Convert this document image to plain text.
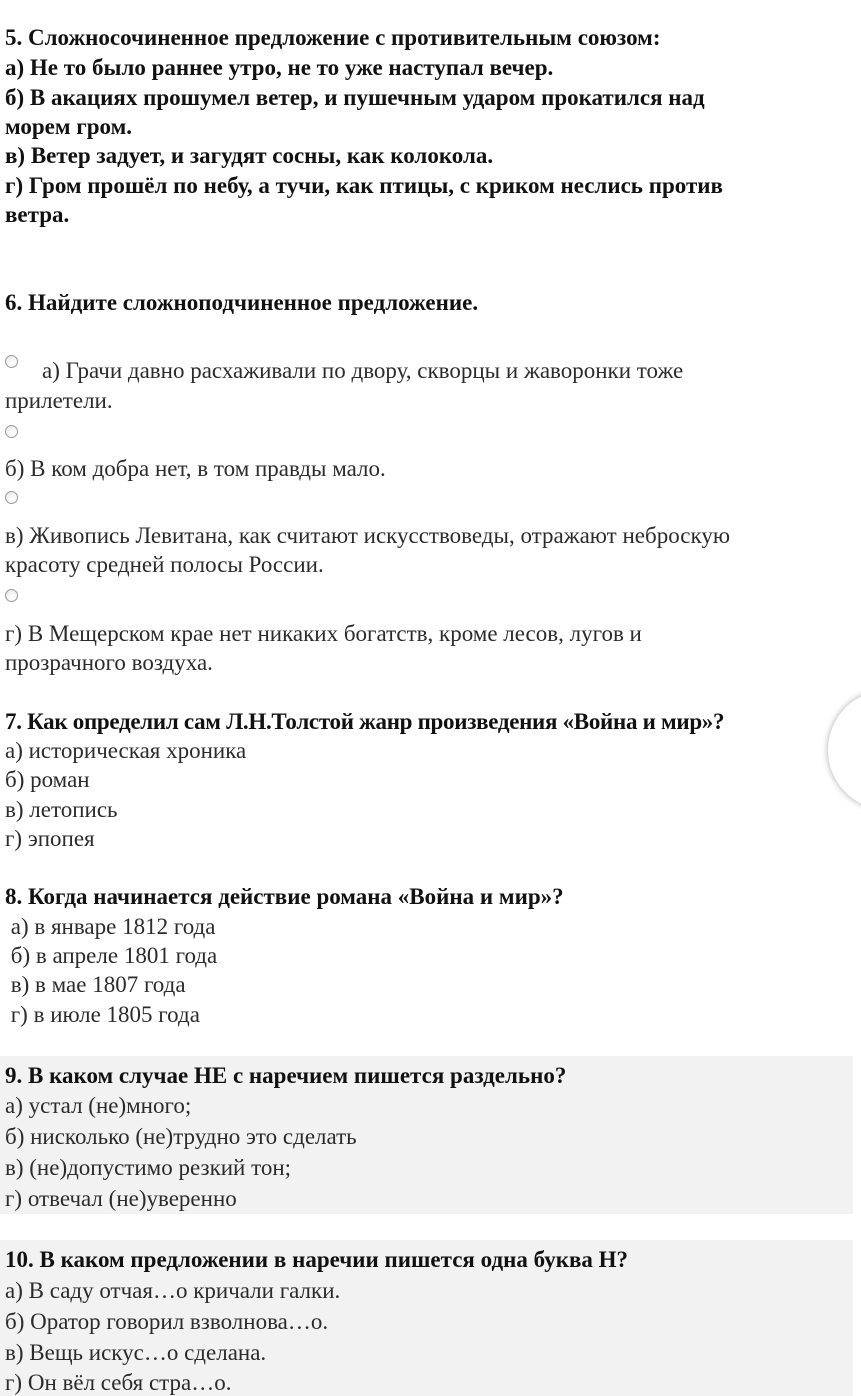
5. Сложносочиненное предложение с противительным союзом:
а) Не то было раннее утро, не то уже наступал вечер.
б) В акациях прошумел ветер, и пушечным ударом прокатился над
морем гром.
в) Ветер задует, и загудят сосны, как колокола.
г) Гром прошёл по небу, а тучи, как птицы, с криком неслись против
ветра.
6. Найдите сложноподчиненное предложение.
а) Грачи давно расхаживали по двору, скворцы и жаворонки тоже
прилетели.
б) В ком добра нет, в том правды мало.
в) Живопись Левитана, как считают искусствоведы, отражают неброскую
красоту средней полосы России.
г) В Мещерском крае нет никаких богатств, кроме лесов, лугов и
прозрачного воздуха.
7. Как определил сам Л.Н.Толстой жанр произведения «Война и мир»?
а) историческая хроника
б) роман
в) летопись
г) эпопея
8. Когда начинается действие романа «Война и мир»?
а) в январе 1812 года
б) в апреле 1801 года
в) в мае 1807 года
г) в июле 1805 года
9. В каком случае НЕ с наречием пишется раздельно?
а) устал (не)много;
б) нисколько (не)трудно это сделать
в) (не)допустимо резкий тон;
г) отвечал (не)уверенно
10. В каком предложении в наречии пишется одна буква Н?
а) В саду отчая…о кричали галки.
б) Оратор говорил взволнова…о.
в) Вещь искус…о сделана.
г) Он вёл себя стра…о.
